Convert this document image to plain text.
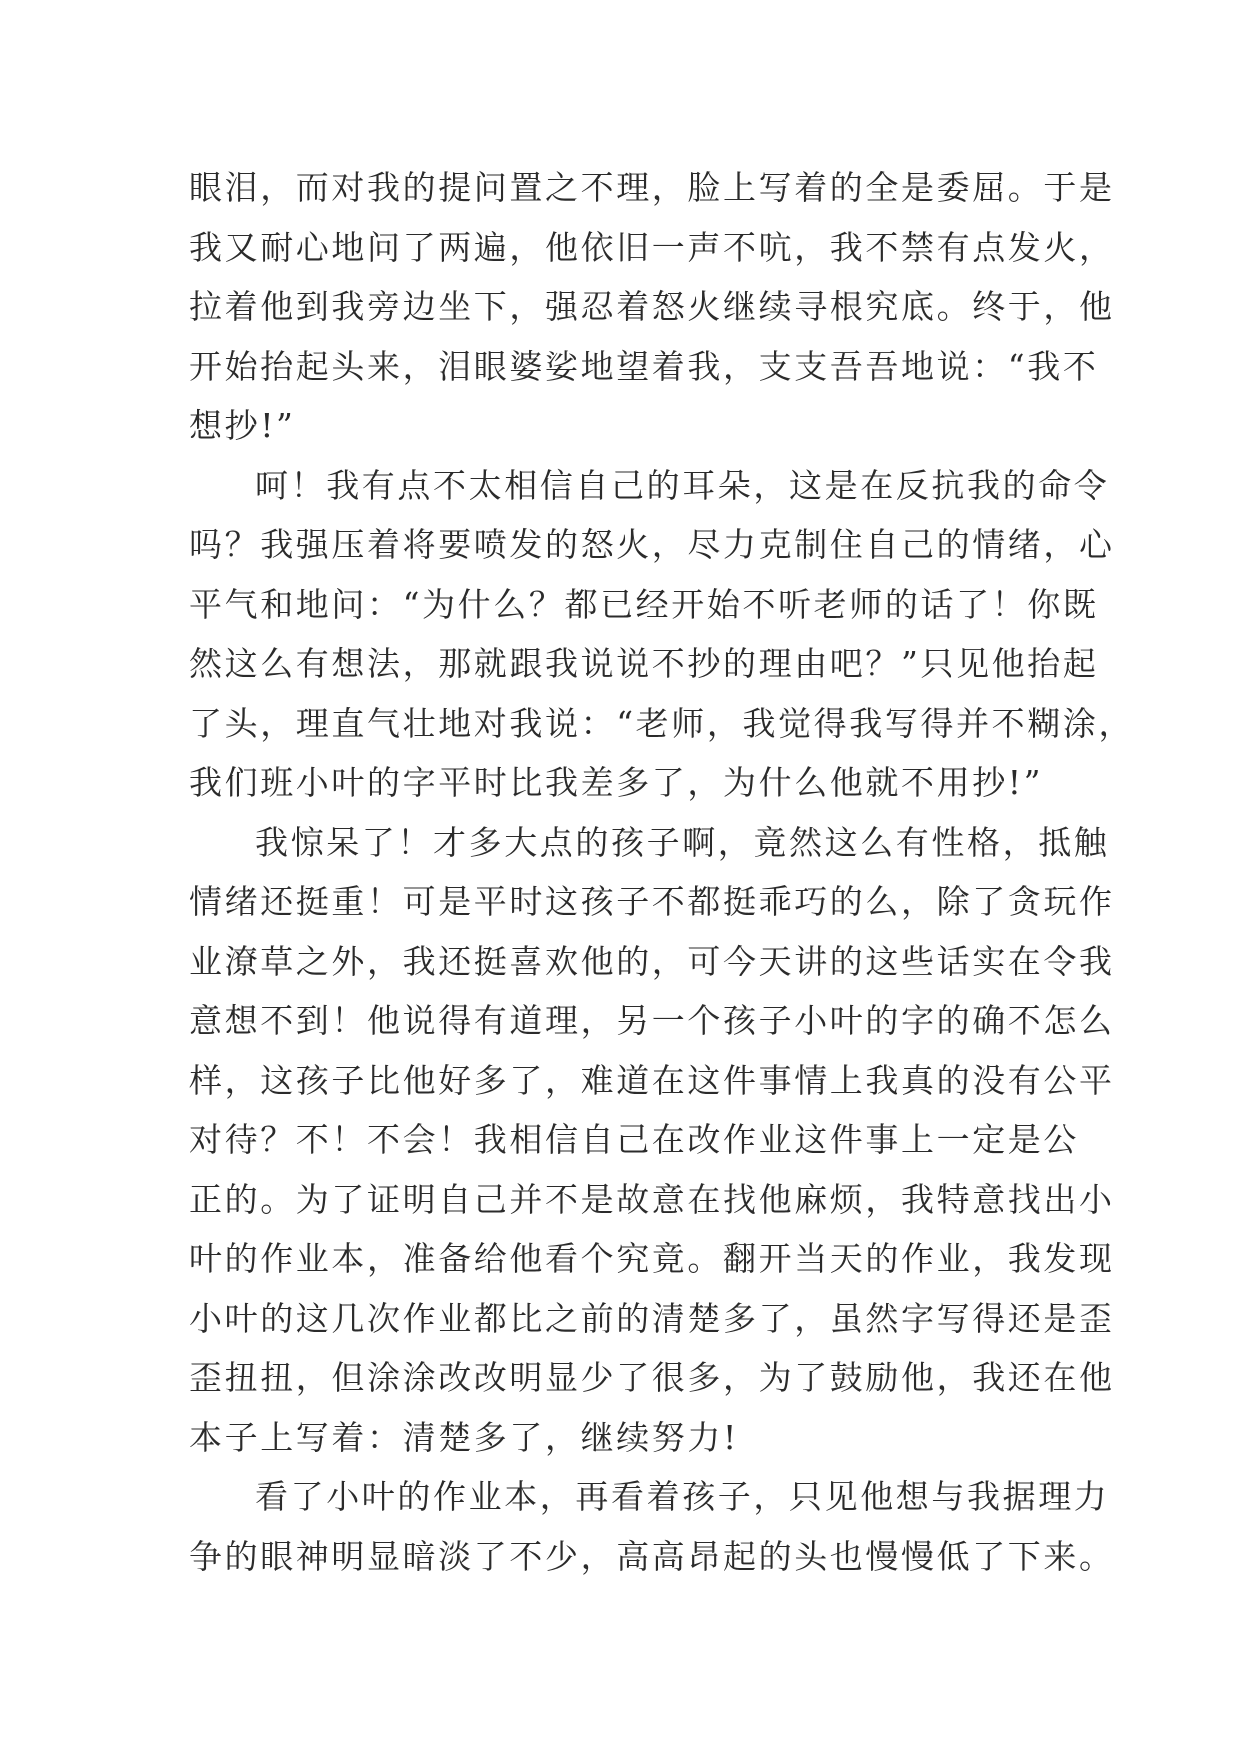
眼泪，而对我的提问置之不理，脸上写着的全是委屈。于是
我又耐心地问了两遍，他依旧一声不吭，我不禁有点发火，
拉着他到我旁边坐下，强忍着怒火继续寻根究底。终于，他
开始抬起头来，泪眼婆娑地望着我，支支吾吾地说：“我不
想抄!”
呵！我有点不太相信自己的耳朵，这是在反抗我的命令
吗？我强压着将要喷发的怒火，尽力克制住自己的情绪，心
平气和地问：“为什么？都已经开始不听老师的话了！你既
然这么有想法，那就跟我说说不抄的理由吧？”只见他抬起
了头，理直气壮地对我说：“老师，我觉得我写得并不糊涂，
我们班小叶的字平时比我差多了，为什么他就不用抄!”
我惊呆了！才多大点的孩子啊，竟然这么有性格，抵触
情绪还挺重！可是平时这孩子不都挺乖巧的么，除了贪玩作
业潦草之外，我还挺喜欢他的，可今天讲的这些话实在令我
意想不到！他说得有道理，另一个孩子小叶的字的确不怎么
样，这孩子比他好多了，难道在这件事情上我真的没有公平
对待？不！不会！我相信自己在改作业这件事上一定是公
正的。为了证明自己并不是故意在找他麻烦，我特意找出小
叶的作业本，准备给他看个究竟。翻开当天的作业，我发现
小叶的这几次作业都比之前的清楚多了，虽然字写得还是歪
歪扭扭，但涂涂改改明显少了很多，为了鼓励他，我还在他
本子上写着：清楚多了，继续努力!
看了小叶的作业本，再看着孩子，只见他想与我据理力
争的眼神明显暗淡了不少，高高昂起的头也慢慢低了下来。
